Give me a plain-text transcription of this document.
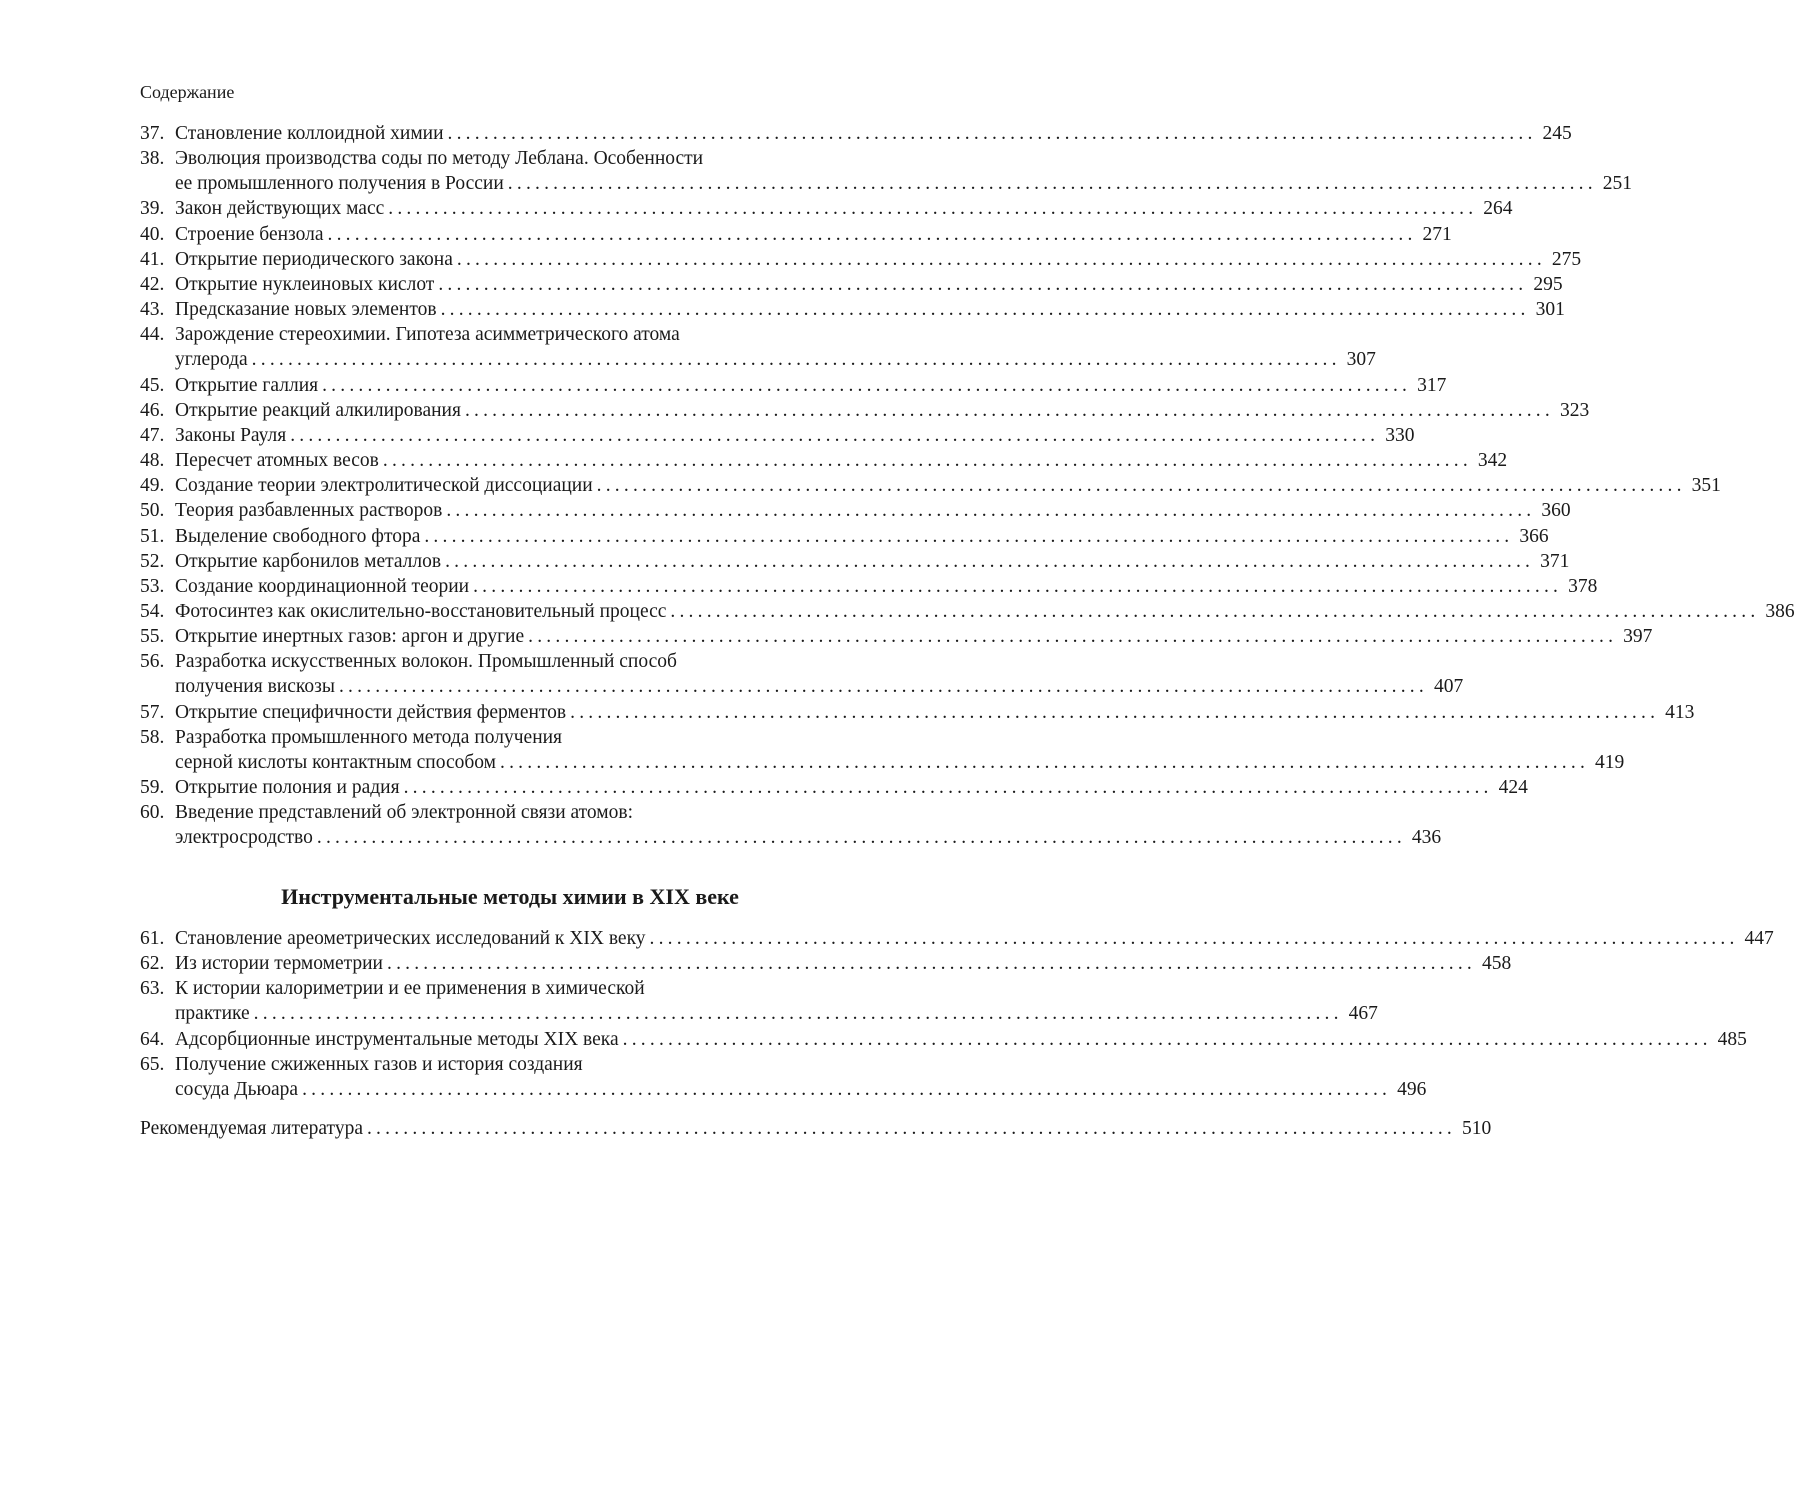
Содержание
37. Становление коллоидной химии ........................................................................................................................ 245
38. Эволюция производства соды по методу Леблана. Особенности
ее промышленного получения в России ........................................................................................................................ 251
39. Закон действующих масс ........................................................................................................................ 264
40. Строение бензола ........................................................................................................................ 271
41. Открытие периодического закона ........................................................................................................................ 275
42. Открытие нуклеиновых кислот ........................................................................................................................ 295
43. Предсказание новых элементов ........................................................................................................................ 301
44. Зарождение стереохимии. Гипотеза асимметрического атома
углерода ........................................................................................................................ 307
45. Открытие галлия ........................................................................................................................ 317
46. Открытие реакций алкилирования ........................................................................................................................ 323
47. Законы Рауля ........................................................................................................................ 330
48. Пересчет атомных весов ........................................................................................................................ 342
49. Создание теории электролитической диссоциации ........................................................................................................................ 351
50. Теория разбавленных растворов ........................................................................................................................ 360
51. Выделение свободного фтора ........................................................................................................................ 366
52. Открытие карбонилов металлов ........................................................................................................................ 371
53. Создание координационной теории ........................................................................................................................ 378
54. Фотосинтез как окислительно-восстановительный процесс ........................................................................................................................ 386
55. Открытие инертных газов: аргон и другие ........................................................................................................................ 397
56. Разработка искусственных волокон. Промышленный способ
получения вискозы ........................................................................................................................ 407
57. Открытие специфичности действия ферментов ........................................................................................................................ 413
58. Разработка промышленного метода получения
серной кислоты контактным способом ........................................................................................................................ 419
59. Открытие полония и радия ........................................................................................................................ 424
60. Введение представлений об электронной связи атомов:
электросродство ........................................................................................................................ 436
Инструментальные методы химии в XIX веке
61. Становление ареометрических исследований к XIX веку ........................................................................................................................ 447
62. Из истории термометрии ........................................................................................................................ 458
63. К истории калориметрии и ее применения в химической
практике ........................................................................................................................ 467
64. Адсорбционные инструментальные методы XIX века ........................................................................................................................ 485
65. Получение сжиженных газов и история создания
сосуда Дьюара ........................................................................................................................ 496
Рекомендуемая литература ........................................................................................................................ 510
